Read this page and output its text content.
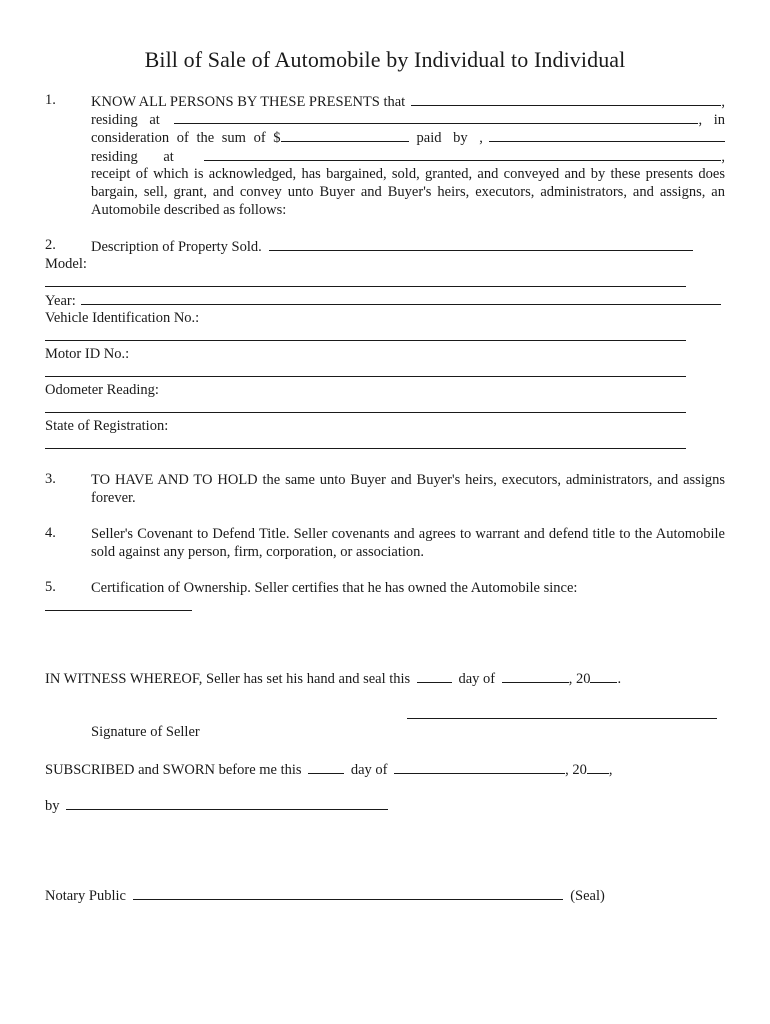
Bill of Sale of Automobile by Individual to Individual
1. KNOW ALL PERSONS BY THESE PRESENTS that	,
residing at	, in
consideration of the sum of $	paid by ,
residing at	,
receipt of which is acknowledged, has bargained, sold, granted, and conveyed and by these presents does bargain, sell, grant, and convey unto Buyer and Buyer's heirs, executors, administrators, and assigns, an Automobile described as follows:
2. Description of Property Sold.
Model:
Year:
Vehicle Identification No.:
Motor ID No.:
Odometer Reading:
State of Registration:
3. TO HAVE AND TO HOLD the same unto Buyer and Buyer's heirs, executors, administrators, and assigns forever.
4. Seller's Covenant to Defend Title. Seller covenants and agrees to warrant and defend title to the Automobile sold against any person, firm, corporation, or association.
5. Certification of Ownership. Seller certifies that he has owned the Automobile since:
IN WITNESS WHEREOF, Seller has set his hand and seal this	day of	, 20 .
Signature of Seller
SUBSCRIBED and SWORN before me this	day of	, 20 ,
by
Notary Public	(Seal)
